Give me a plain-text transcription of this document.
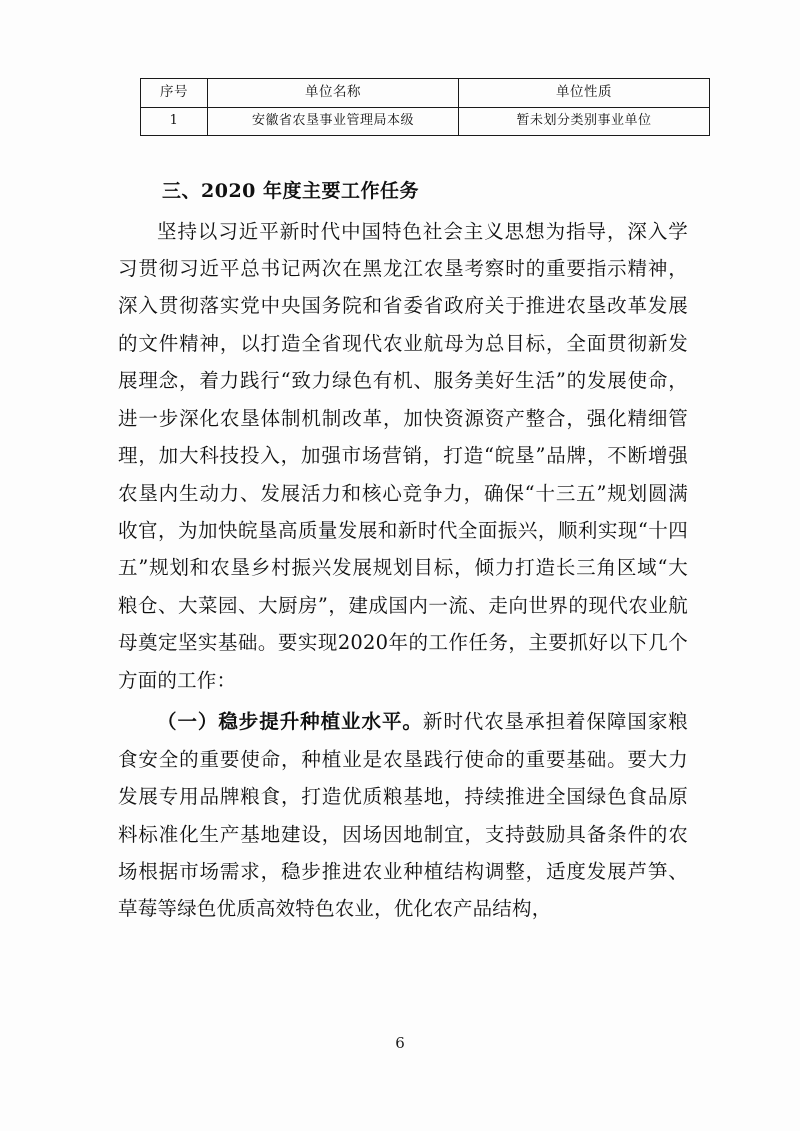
序号	单位名称	单位性质
1	安徽省农垦事业管理局本级	暂未划分类别事业单位
三、2020 年度主要工作任务

坚持以习近平新时代中国特色社会主义思想为指导，深入学习贯彻习近平总书记两次在黑龙江农垦考察时的重要指示精神，深入贯彻落实党中央国务院和省委省政府关于推进农垦改革发展的文件精神，以打造全省现代农业航母为总目标，全面贯彻新发展理念，着力践行“致力绿色有机、服务美好生活”的发展使命，进一步深化农垦体制机制改革，加快资源资产整合，强化精细管理，加大科技投入，加强市场营销，打造“皖垦”品牌，不断增强农垦内生动力、发展活力和核心竞争力，确保“十三五”规划圆满收官，为加快皖垦高质量发展和新时代全面振兴，顺利实现“十四五”规划和农垦乡村振兴发展规划目标，倾力打造长三角区域“大粮仓、大菜园、大厨房”，建成国内一流、走向世界的现代农业航母奠定坚实基础。要实现2020年的工作任务，主要抓好以下几个方面的工作：

（一）稳步提升种植业水平。新时代农垦承担着保障国家粮食安全的重要使命，种植业是农垦践行使命的重要基础。要大力发展专用品牌粮食，打造优质粮基地，持续推进全国绿色食品原料标准化生产基地建设，因场因地制宜，支持鼓励具备条件的农场根据市场需求，稳步推进农业种植结构调整，适度发展芦笋、草莓等绿色优质高效特色农业，优化农产品结构，

6
